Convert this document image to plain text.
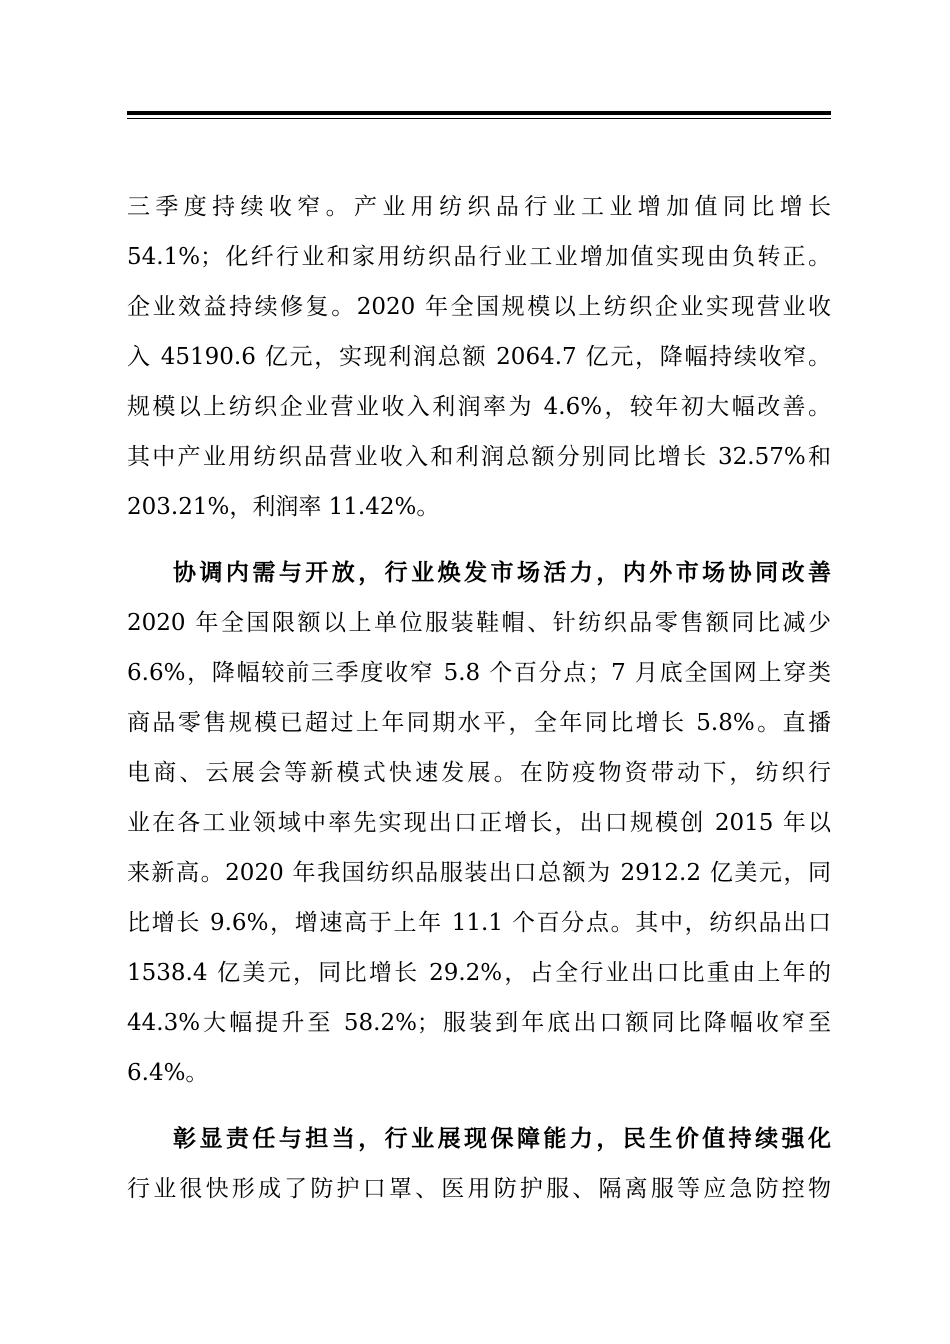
三季度持续收窄。产业用纺织品行业工业增加值同比增长
54.1%；化纤行业和家用纺织品行业工业增加值实现由负转正。
企业效益持续修复。2020 年全国规模以上纺织企业实现营业收
入 45190.6 亿元，实现利润总额 2064.7 亿元，降幅持续收窄。
规模以上纺织企业营业收入利润率为 4.6%，较年初大幅改善。
其中产业用纺织品营业收入和利润总额分别同比增长 32.57%和
203.21%，利润率 11.42%。
协调内需与开放，行业焕发市场活力，内外市场协同改善
2020 年全国限额以上单位服装鞋帽、针纺织品零售额同比减少
6.6%，降幅较前三季度收窄 5.8 个百分点；7 月底全国网上穿类
商品零售规模已超过上年同期水平，全年同比增长 5.8%。直播
电商、云展会等新模式快速发展。在防疫物资带动下，纺织行
业在各工业领域中率先实现出口正增长，出口规模创 2015 年以
来新高。2020 年我国纺织品服装出口总额为 2912.2 亿美元，同
比增长 9.6%，增速高于上年 11.1 个百分点。其中，纺织品出口
1538.4 亿美元，同比增长 29.2%，占全行业出口比重由上年的
44.3%大幅提升至 58.2%；服装到年底出口额同比降幅收窄至
6.4%。
彰显责任与担当，行业展现保障能力，民生价值持续强化
行业很快形成了防护口罩、医用防护服、隔离服等应急防控物
